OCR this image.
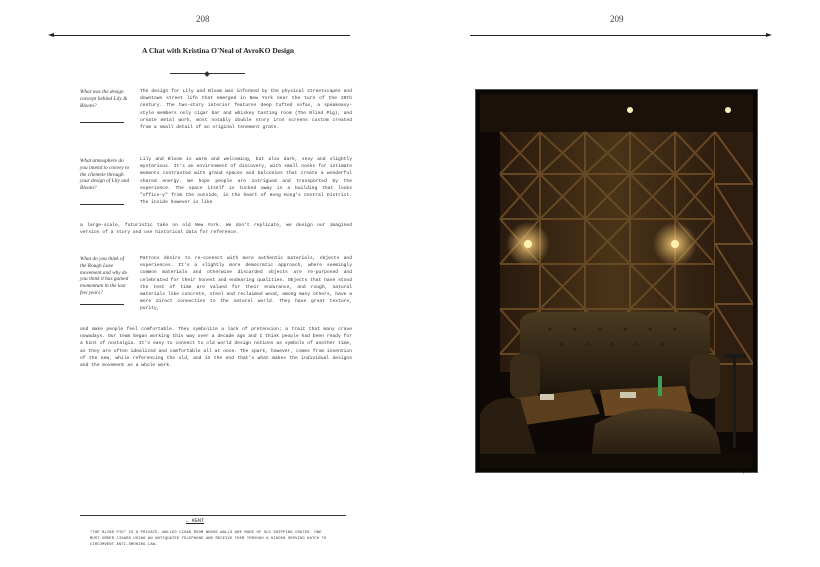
208
A Chat with Kristina O'Neal of AvroKO Design
What was the design concept behind Lily & Bloom?

The design for Lily and Bloom was informed by the physical streetscapes and downtown street life that emerged in New York near the turn of the 20th century. The two-story interior features deep tufted sofas, a speakeasy-style members only cigar bar and whiskey tasting room (The Blind Pig), and ornate metal work, most notably double story iron screens custom created from a small detail of an original tenement grate.

What atmosphere do you intend to convey to the clientele through your design of Lily and Bloom?

Lily and Bloom is warm and welcoming, but also dark, sexy and slightly mysterious. It's an environment of discovery, with small nooks for intimate moments contrasted with grand spaces and balconies that create a wonderful shared energy. We hope people are intrigued and transported by the experience. The space itself is tucked away in a building that looks "office-y" from the outside, in the heart of Hong Kong's Central District. The inside however is like

a large-scale, futuristic take on old New York. We don't replicate, we design our imagined version of a story and use historical data for reference.

What do you think of the Rough Luxe movement and why do you think it has gained momentum in the last few years?

Patrons desire to re-connect with more authentic materials, objects and experiences. It's a slightly more democratic approach, where seemingly common materials and otherwise discarded objects are re-purposed and celebrated for their honest and endearing qualities. Objects that have stood the test of time are valued for their endurance, and rough, natural materials like concrete, steel and reclaimed wood, among many others, have a more direct connection to the natural world. They have great texture, purity,

and make people feel comfortable. They symbolize a lack of pretension; a trait that many crave nowadays. Our team began working this way over a decade ago and I think people had been ready for a hint of nostalgia. It's easy to connect to old world design notions as symbols of another time, as they are often idealized and comfortable all at once. The spark, however, comes from invention of the new, while referencing the old, and in the end that's what makes the individual designs and the movement as a whole work.

← KENT
"THE BLIND PIG" IS A PRIVATE, WALLED CIGAR ROOM WHOSE WALLS ARE MADE OF OLD SHIPPING CRATES. ONE MUST ORDER CIGARS USING AN ANTIQUATED TELEPHONE AND RECEIVE THEM THROUGH A HIDDEN SERVING HATCH TO CIRCUMVENT ANTI-SMOKING LAW.
209
+
